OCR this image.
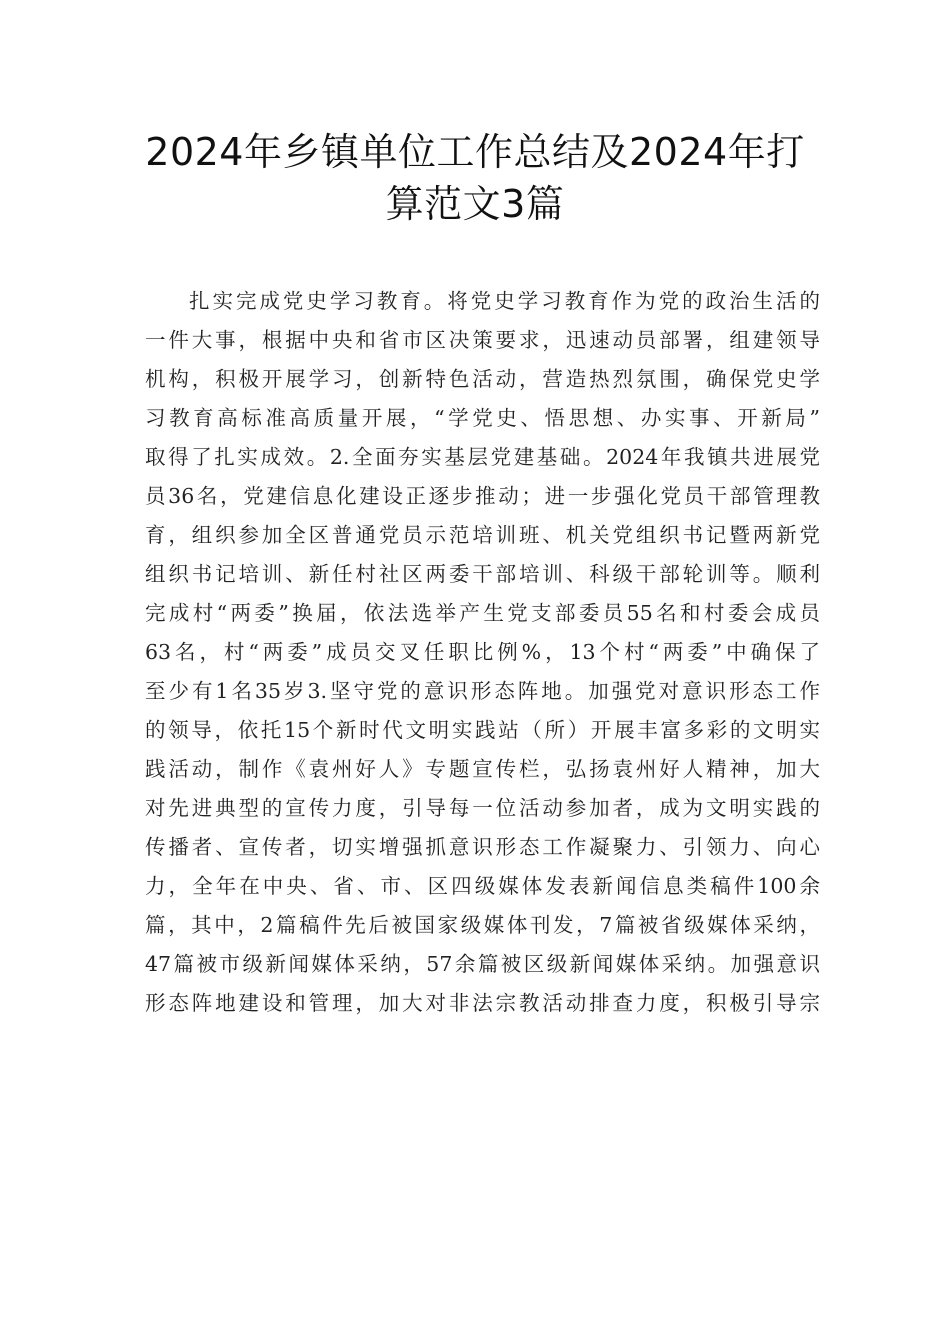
2024年乡镇单位工作总结及2024年打
算范文3篇
扎实完成党史学习教育。将党史学习教育作为党的政治生活的
一件大事，根据中央和省市区决策要求，迅速动员部署，组建领导
机构，积极开展学习，创新特色活动，营造热烈氛围，确保党史学
习教育高标准高质量开展，“学党史、悟思想、办实事、开新局”
取得了扎实成效。2.全面夯实基层党建基础。2024年我镇共进展党
员36名，党建信息化建设正逐步推动；进一步强化党员干部管理教
育，组织参加全区普通党员示范培训班、机关党组织书记暨两新党
组织书记培训、新任村社区两委干部培训、科级干部轮训等。顺利
完成村“两委”换届，依法选举产生党支部委员55名和村委会成员
63名，村“两委”成员交叉任职比例%，13个村“两委”中确保了
至少有1名35岁3.坚守党的意识形态阵地。加强党对意识形态工作
的领导，依托15个新时代文明实践站（所）开展丰富多彩的文明实
践活动，制作《袁州好人》专题宣传栏，弘扬袁州好人精神，加大
对先进典型的宣传力度，引导每一位活动参加者，成为文明实践的
传播者、宣传者，切实增强抓意识形态工作凝聚力、引领力、向心
力，全年在中央、省、市、区四级媒体发表新闻信息类稿件100余
篇，其中，2篇稿件先后被国家级媒体刊发，7篇被省级媒体采纳，
47篇被市级新闻媒体采纳，57余篇被区级新闻媒体采纳。加强意识
形态阵地建设和管理，加大对非法宗教活动排查力度，积极引导宗
